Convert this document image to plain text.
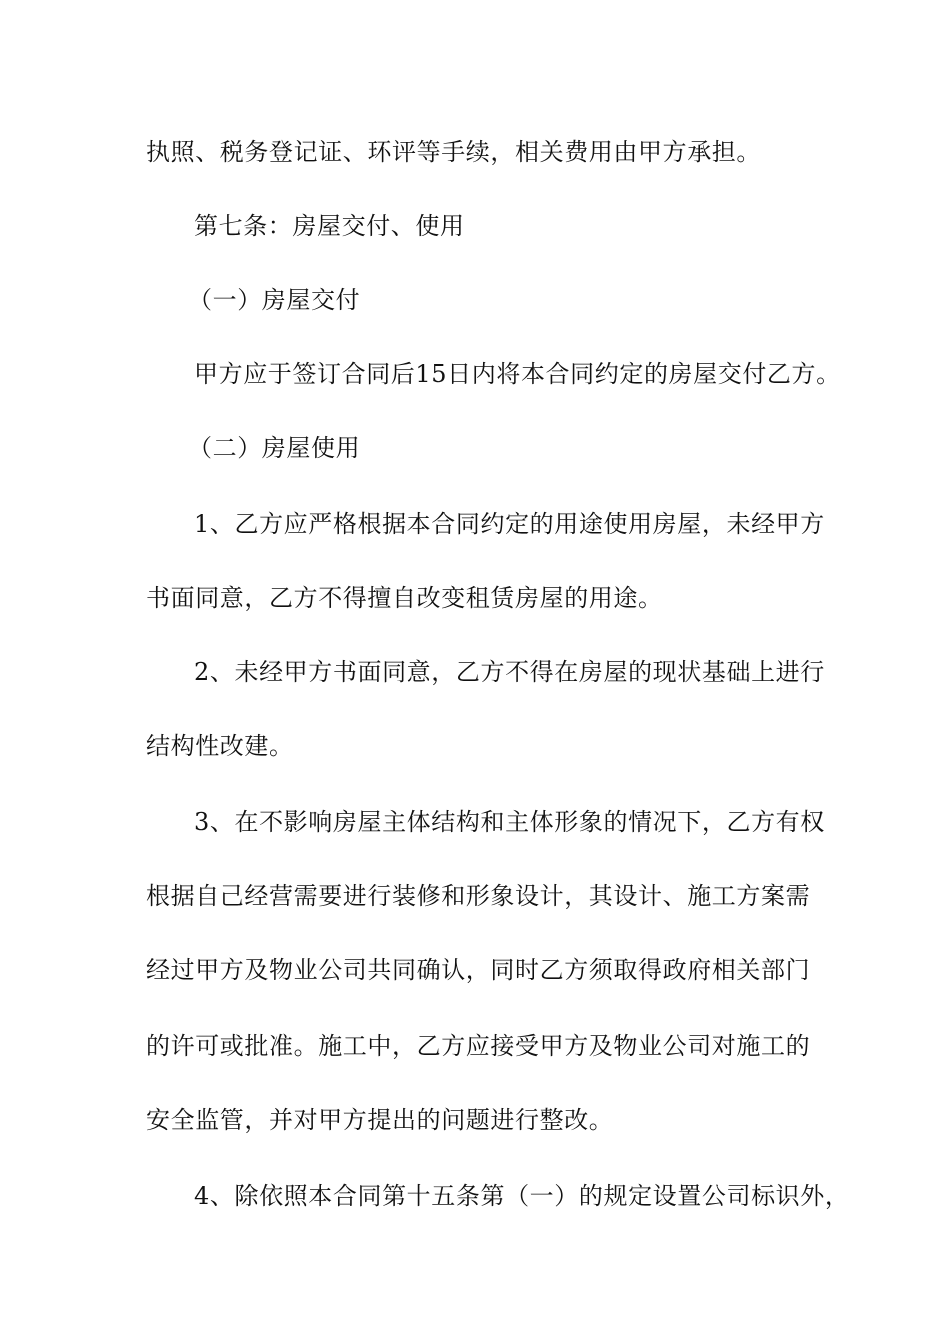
执照、税务登记证、环评等手续，相关费用由甲方承担。
第七条：房屋交付、使用
（一）房屋交付
甲方应于签订合同后15日内将本合同约定的房屋交付乙方。
（二）房屋使用
1、乙方应严格根据本合同约定的用途使用房屋，未经甲方
书面同意，乙方不得擅自改变租赁房屋的用途。
2、未经甲方书面同意，乙方不得在房屋的现状基础上进行
结构性改建。
3、在不影响房屋主体结构和主体形象的情况下，乙方有权
根据自己经营需要进行装修和形象设计，其设计、施工方案需
经过甲方及物业公司共同确认，同时乙方须取得政府相关部门
的许可或批准。施工中，乙方应接受甲方及物业公司对施工的
安全监管，并对甲方提出的问题进行整改。
4、除依照本合同第十五条第（一）的规定设置公司标识外，
